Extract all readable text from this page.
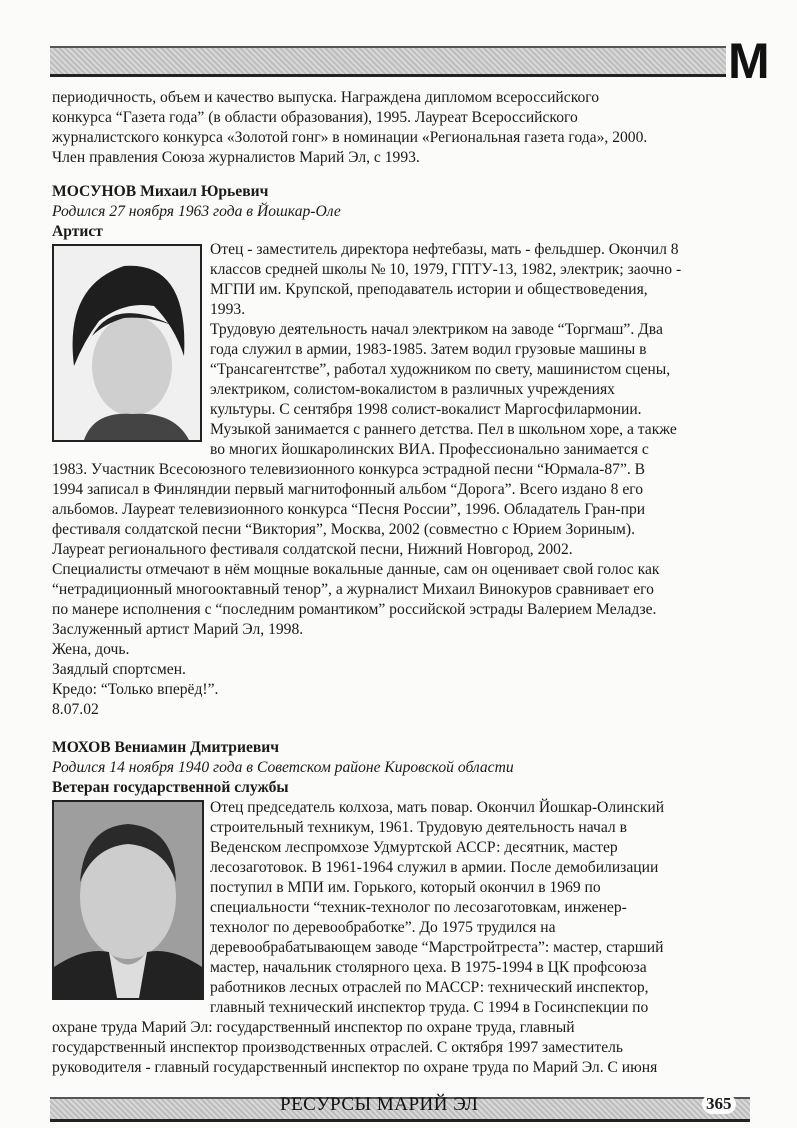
М
периодичность, объем и качество выпуска. Награждена дипломом всероссийского
конкурса “Газета года” (в области образования), 1995. Лауреат Всероссийского
журналистского конкурса «Золотой гонг» в номинации «Региональная газета года», 2000.
Член правления Союза журналистов Марий Эл, с 1993.
МОСУНОВ Михаил Юрьевич
Родился 27 ноября 1963 года в Йошкар-Оле
Артист
Отец - заместитель директора нефтебазы, мать - фельдшер. Окончил 8
классов средней школы № 10, 1979, ГПТУ-13, 1982, электрик; заочно -
МГПИ им. Крупской, преподаватель истории и обществоведения,
1993.
Трудовую деятельность начал электриком на заводе “Торгмаш”. Два
года служил в армии, 1983-1985. Затем водил грузовые машины в
“Трансагентстве”, работал художником по свету, машинистом сцены,
электриком, солистом-вокалистом в различных учреждениях
культуры. С сентября 1998 солист-вокалист Маргосфилармонии.
Музыкой занимается с раннего детства. Пел в школьном хоре, а также
во многих йошкаролинских ВИА. Профессионально занимается с
1983. Участник Всесоюзного телевизионного конкурса эстрадной песни “Юрмала-87”. В
1994 записал в Финляндии первый магнитофонный альбом “Дорога”. Всего издано 8 его
альбомов. Лауреат телевизионного конкурса “Песня России”, 1996. Обладатель Гран-при
фестиваля солдатской песни “Виктория”, Москва, 2002 (совместно с Юрием Зориным).
Лауреат регионального фестиваля солдатской песни, Нижний Новгород, 2002.
Специалисты отмечают в нём мощные вокальные данные, сам он оценивает свой голос как
“нетрадиционный многооктавный тенор”, а журналист Михаил Винокуров сравнивает его
по манере исполнения с “последним романтиком” российской эстрады Валерием Меладзе.
Заслуженный артист Марий Эл, 1998.
Жена, дочь.
Заядлый спортсмен.
Кредо: “Только вперёд!”.
8.07.02
МОХОВ Вениамин Дмитриевич
Родился 14 ноября 1940 года в Советском районе Кировской области
Ветеран государственной службы
Отец председатель колхоза, мать повар. Окончил Йошкар-Олинский
строительный техникум, 1961. Трудовую деятельность начал в
Веденском леспромхозе Удмуртской АССР: десятник, мастер
лесозаготовок. В 1961-1964 служил в армии. После демобилизации
поступил в МПИ им. Горького, который окончил в 1969 по
специальности “техник-технолог по лесозаготовкам, инженер-
технолог по деревообработке”. До 1975 трудился на
деревообрабатывающем заводе “Марстройтреста”: мастер, старший
мастер, начальник столярного цеха. В 1975-1994 в ЦК профсоюза
работников лесных отраслей по МАССР: технический инспектор,
главный технический инспектор труда. С 1994 в Госинспекции по
охране труда Марий Эл: государственный инспектор по охране труда, главный
государственный инспектор производственных отраслей. С октября 1997 заместитель
руководителя - главный государственный инспектор по охране труда по Марий Эл. С июня
РЕСУРСЫ МАРИЙ ЭЛ	365
